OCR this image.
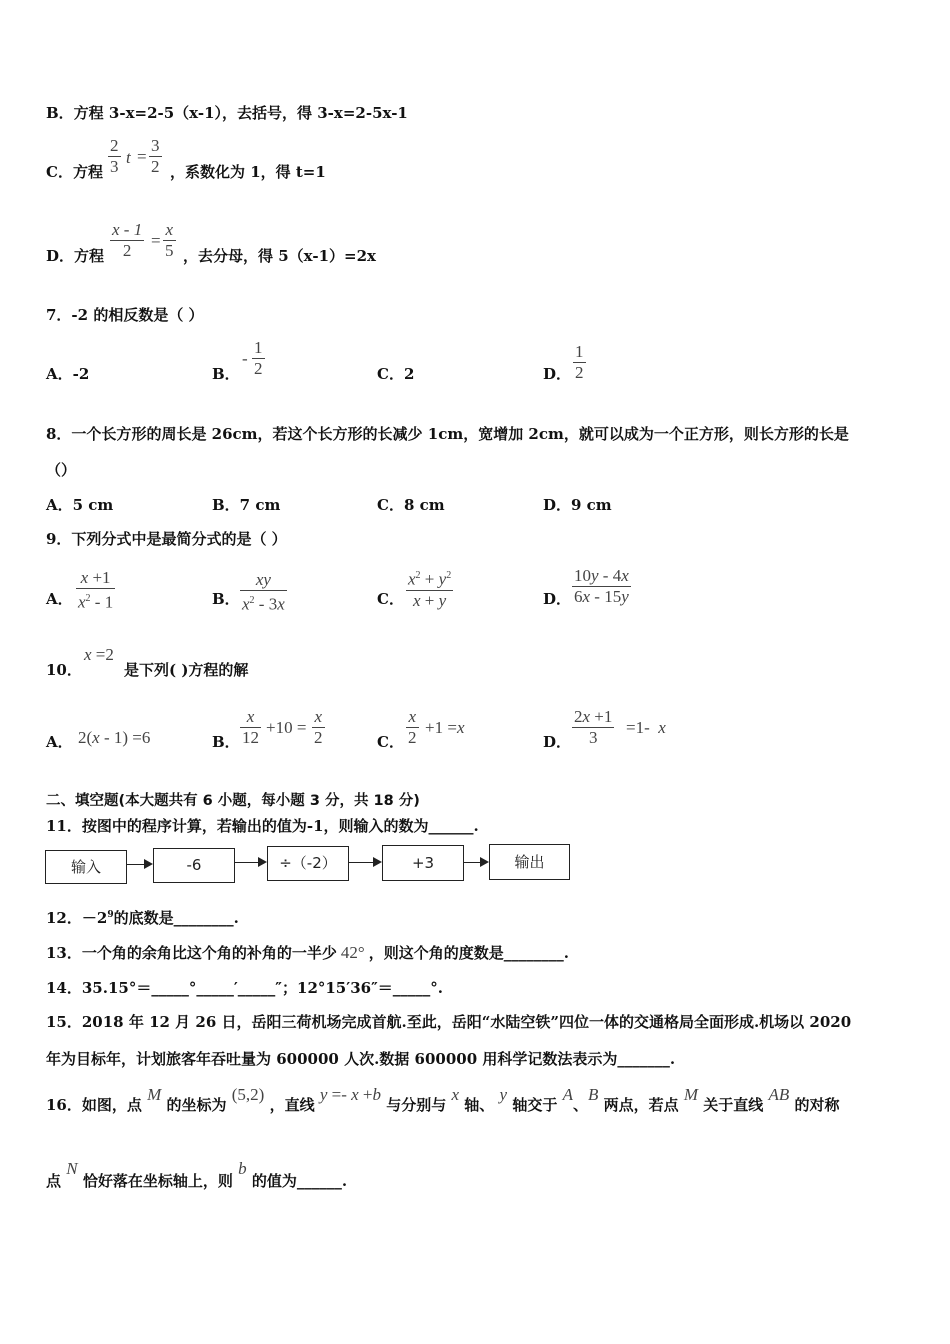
B．方程 3-x=2-5（x-1），去括号，得 3-x=2-5x-1
C．方程 $\frac{2}{3}$ $t = \frac{3}{2}$ ，系数化为 1，得 t=1
D．方程 $\frac{x - 1}{2} = \frac{x}{5}$ ，去分母，得 5（x-1）=2x
7．-2 的相反数是（ ）
A．-2	B．
- $\frac{1}{2}$	C．2	D． $\frac{1}{2}$
8．一个长方形的周长是 26cm，若这个长方形的长减少 1cm，宽增加 2cm，就可以成为一个正方形，则长方形的长是
（）
A．5 cm	B．7 cm	C．8 cm	D．9 cm
9．下列分式中是最简分式的是（ ）
A． $\frac{x +1}{x^2 - 1}$	B． $\frac{xy}{x^2 - 3x}$	C． $\frac{x^2 + y^2}{x + y}$	D． $\frac{10y - 4x}{6x - 15y}$
10．
x =2
是下列( )方程的解
A． 2(x - 1) =6	B． $\frac{x}{12} +10 = \frac{x}{2}$	C． $\frac{x}{2} +1 =x$
D． $\frac{2x +1}{3} =1-$  x
二、填空题(本大题共有 6 小题，每小题 3 分，共 18 分)
11．按图中的程序计算，若输出的值为-1，则输入的数为______.
输入	-6	÷（-2）	+3	输出
12．$-2^9$的底数是________.
13．一个角的余角比这个角的补角的一半少 42° ，则这个角的度数是________.
14．35.15°＝_____°_____′_____″；12°15′36″＝_____°.
15．2018 年 12 月 26 日，岳阳三荷机场完成首航.至此，岳阳“水陆空铁”四位一体的交通格局全面形成.机场以 2020
年为目标年，计划旅客年吞吐量为 600000 人次.数据 600000 用科学记数法表示为_______.
16．如图，点 M 的坐标为 (5,2) ，直线 y =- x +b 与分别与 x 轴、 y 轴交于 A、B 两点，若点 M 关于直线 AB 的对称
点 N 恰好落在坐标轴上，则 b 的值为______.
